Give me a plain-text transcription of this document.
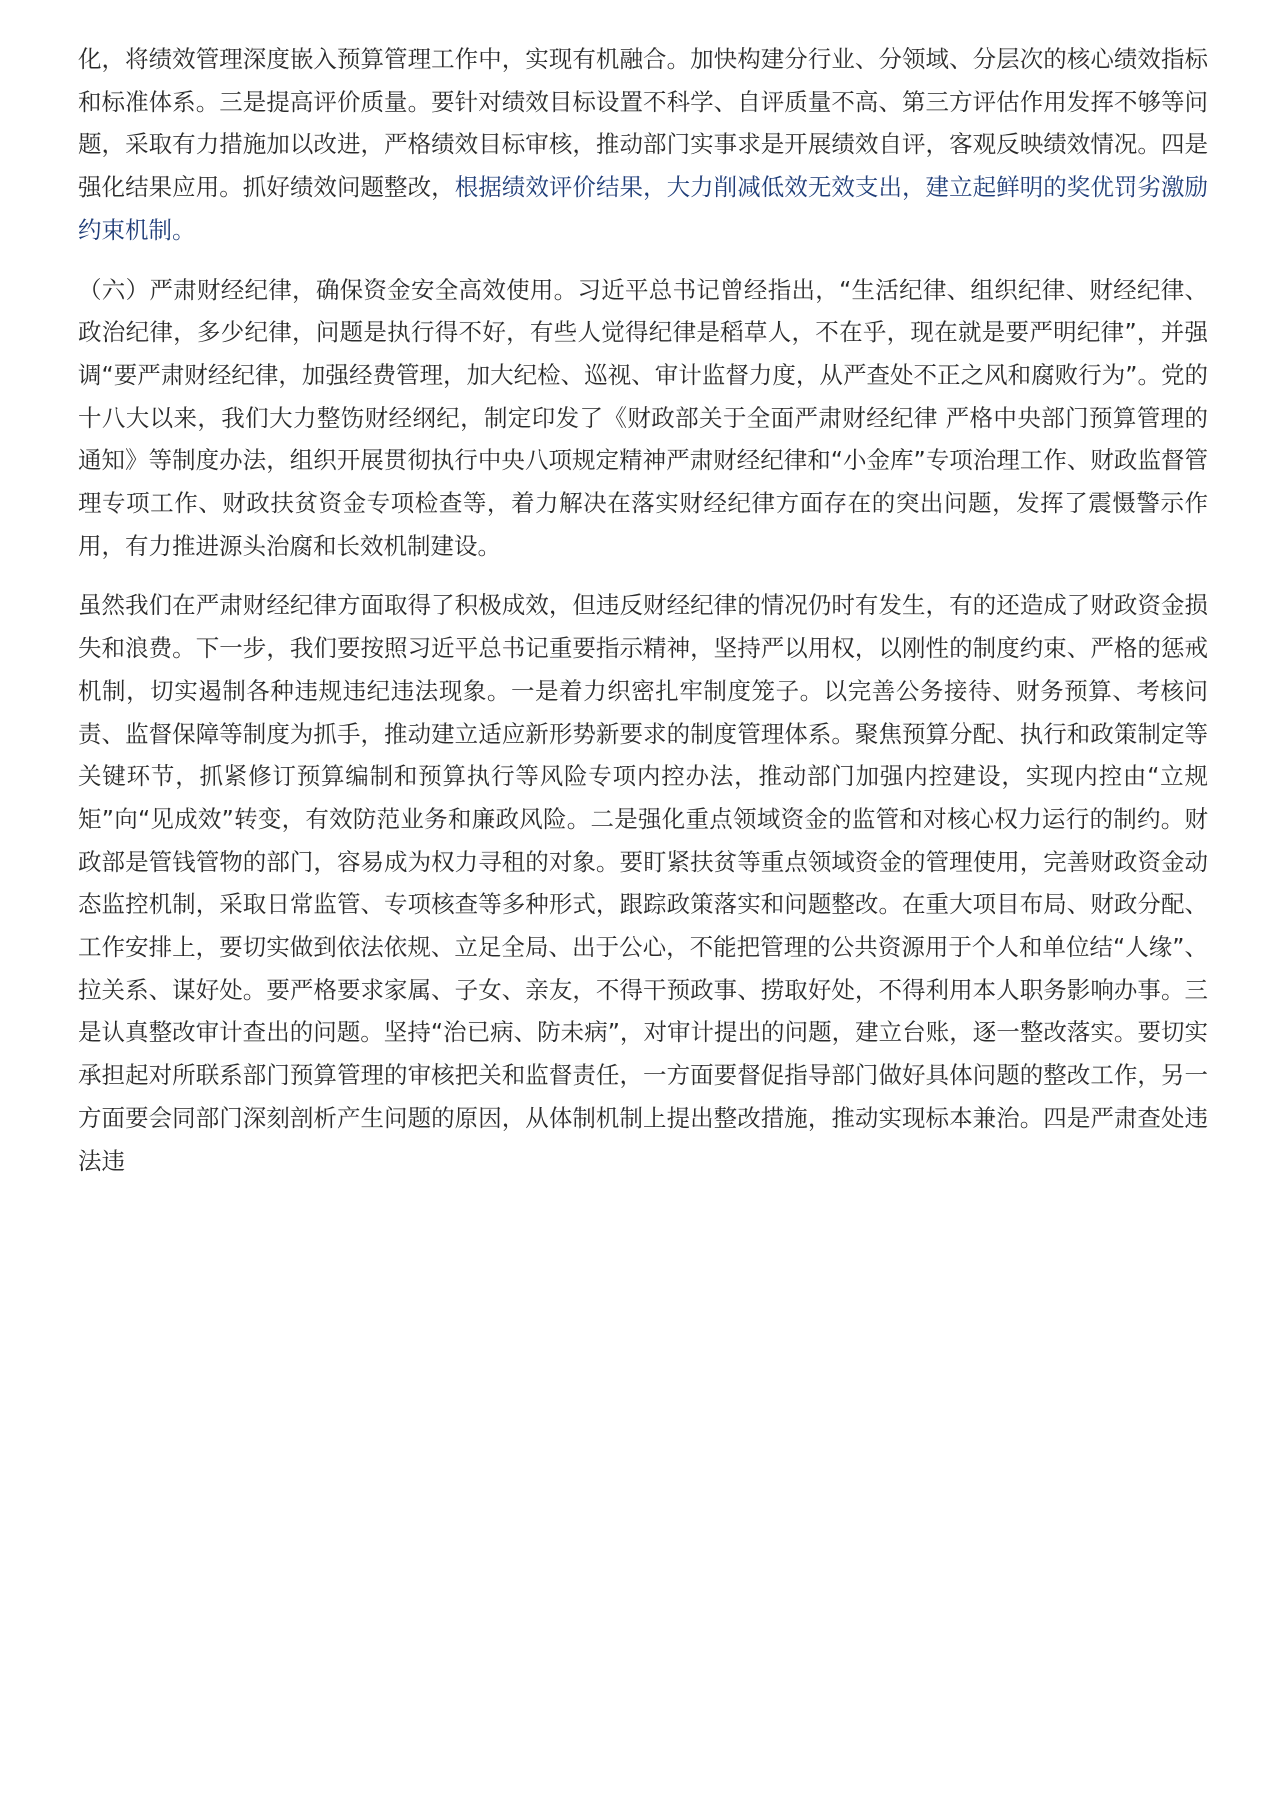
化，将绩效管理深度嵌入预算管理工作中，实现有机融合。加快构建分行业、分领域、分层次的核心绩效指标和标准体系。三是提高评价质量。要针对绩效目标设置不科学、自评质量不高、第三方评估作用发挥不够等问题，采取有力措施加以改进，严格绩效目标审核，推动部门实事求是开展绩效自评，客观反映绩效情况。四是强化结果应用。抓好绩效问题整改，根据绩效评价结果，大力削减低效无效支出，建立起鲜明的奖优罚劣激励约束机制。

（六）严肃财经纪律，确保资金安全高效使用。习近平总书记曾经指出，“生活纪律、组织纪律、财经纪律、政治纪律，多少纪律，问题是执行得不好，有些人觉得纪律是稻草人，不在乎，现在就是要严明纪律”，并强调“要严肃财经纪律，加强经费管理，加大纪检、巡视、审计监督力度，从严查处不正之风和腐败行为”。党的十八大以来，我们大力整饬财经纲纪，制定印发了《财政部关于全面严肃财经纪律 严格中央部门预算管理的通知》等制度办法，组织开展贯彻执行中央八项规定精神严肃财经纪律和“小金库”专项治理工作、财政监督管理专项工作、财政扶贫资金专项检查等，着力解决在落实财经纪律方面存在的突出问题，发挥了震慑警示作用，有力推进源头治腐和长效机制建设。

虽然我们在严肃财经纪律方面取得了积极成效，但违反财经纪律的情况仍时有发生，有的还造成了财政资金损失和浪费。下一步，我们要按照习近平总书记重要指示精神，坚持严以用权，以刚性的制度约束、严格的惩戒机制，切实遏制各种违规违纪违法现象。一是着力织密扎牢制度笼子。以完善公务接待、财务预算、考核问责、监督保障等制度为抓手，推动建立适应新形势新要求的制度管理体系。聚焦预算分配、执行和政策制定等关键环节，抓紧修订预算编制和预算执行等风险专项内控办法，推动部门加强内控建设，实现内控由“立规矩”向“见成效”转变，有效防范业务和廉政风险。二是强化重点领域资金的监管和对核心权力运行的制约。财政部是管钱管物的部门，容易成为权力寻租的对象。要盯紧扶贫等重点领域资金的管理使用，完善财政资金动态监控机制，采取日常监管、专项核查等多种形式，跟踪政策落实和问题整改。在重大项目布局、财政分配、工作安排上，要切实做到依法依规、立足全局、出于公心，不能把管理的公共资源用于个人和单位结“人缘”、拉关系、谋好处。要严格要求家属、子女、亲友，不得干预政事、捞取好处，不得利用本人职务影响办事。三是认真整改审计查出的问题。坚持“治已病、防未病”，对审计提出的问题，建立台账，逐一整改落实。要切实承担起对所联系部门预算管理的审核把关和监督责任，一方面要督促指导部门做好具体问题的整改工作，另一方面要会同部门深刻剖析产生问题的原因，从体制机制上提出整改措施，推动实现标本兼治。四是严肃查处违法违
